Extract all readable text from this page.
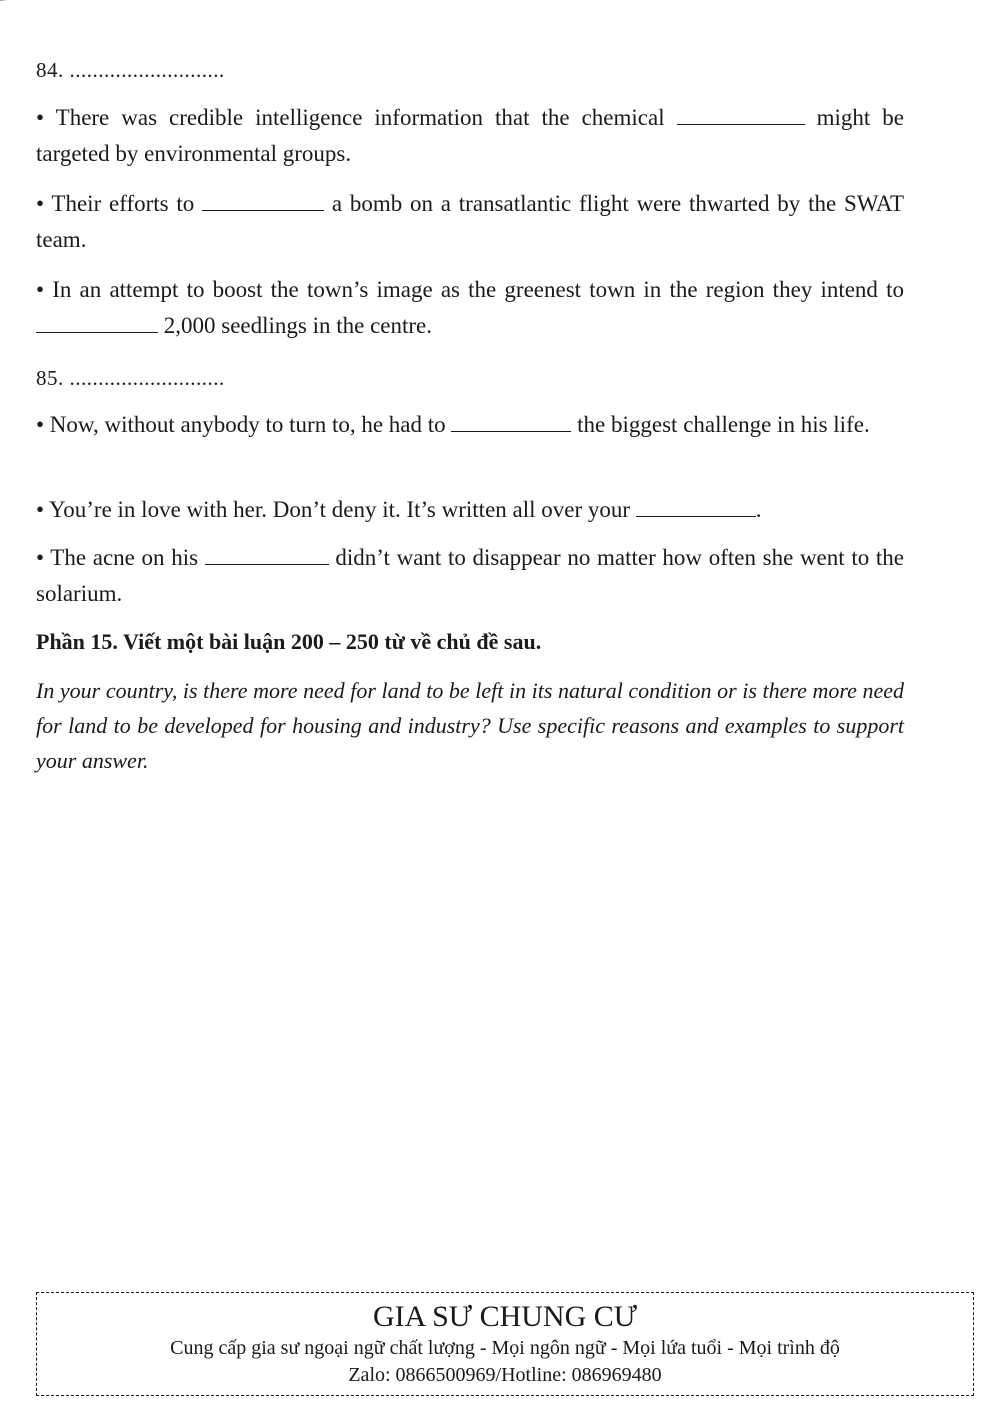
84. ...........................
• There was credible intelligence information that the chemical	might be targeted by environmental groups.
• Their efforts to	a bomb on a transatlantic flight were thwarted by the SWAT team.
• In an attempt to boost the town’s image as the greenest town in the region they intend to  2,000 seedlings in the centre.
85. ...........................
• Now, without anybody to turn to, he had to	the biggest challenge in his life.
• You’re in love with her. Don’t deny it. It’s written all over your	.
• The acne on his	didn’t want to disappear no matter how often she went to the solarium.
Phần 15. Viết một bài luận 200 – 250 từ về chủ đề sau.
In your country, is there more need for land to be left in its natural condition or is there more need for land to be developed for housing and industry? Use specific reasons and examples to support your answer.
GIA SƯ CHUNG CƯ
Cung cấp gia sư ngoại ngữ chất lượng - Mọi ngôn ngữ - Mọi lứa tuổi - Mọi trình độ
Zalo: 0866500969/Hotline: 086969480
